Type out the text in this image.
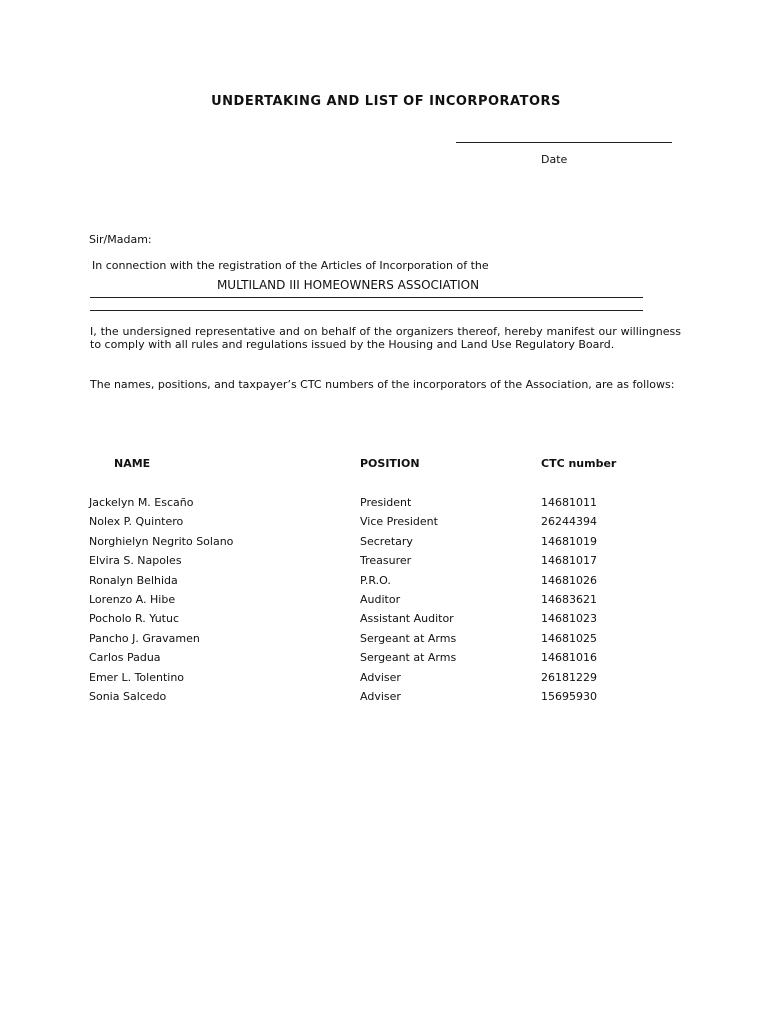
UNDERTAKING AND LIST OF INCORPORATORS
Date
Sir/Madam:
In connection with the registration of the Articles of Incorporation of the
MULTILAND III HOMEOWNERS ASSOCIATION
I, the undersigned representative and on behalf of the organizers thereof, hereby manifest our willingness to comply with all rules and regulations issued by the Housing and Land Use Regulatory Board.
The names, positions, and taxpayer’s CTC numbers of the incorporators of the Association, are as follows:
NAME	POSITION	CTC number
Jackelyn M. Escaño	President	14681011
Nolex P. Quintero	Vice President	26244394
Norghielyn Negrito Solano	Secretary	14681019
Elvira S. Napoles	Treasurer	14681017
Ronalyn Belhida	P.R.O.	14681026
Lorenzo A. Hibe	Auditor	14683621
Pocholo R. Yutuc	Assistant Auditor	14681023
Pancho J. Gravamen	Sergeant at Arms	14681025
Carlos Padua	Sergeant at Arms	14681016
Emer L. Tolentino	Adviser	26181229
Sonia Salcedo	Adviser	15695930
